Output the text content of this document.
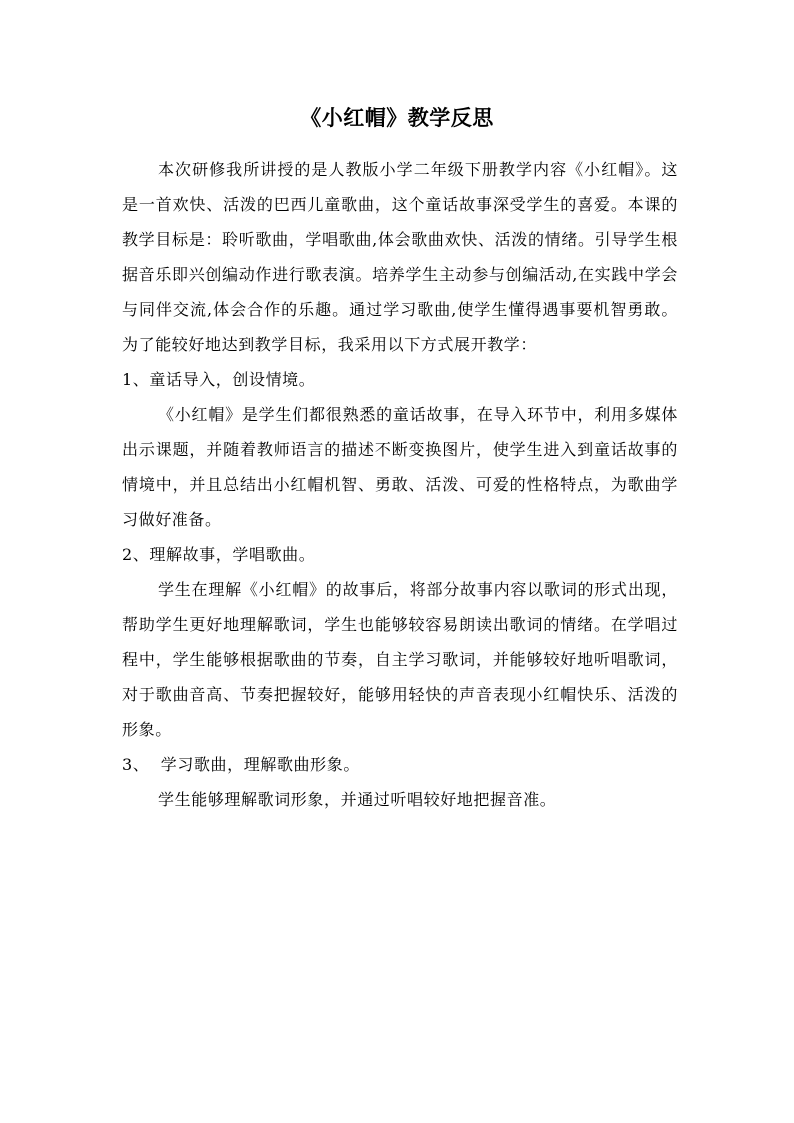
《小红帽》教学反思

本次研修我所讲授的是人教版小学二年级下册教学内容《小红帽》。这是一首欢快、活泼的巴西儿童歌曲，这个童话故事深受学生的喜爱。本课的教学目标是：聆听歌曲，学唱歌曲,体会歌曲欢快、活泼的情绪。引导学生根据音乐即兴创编动作进行歌表演。培养学生主动参与创编活动,在实践中学会与同伴交流,体会合作的乐趣。通过学习歌曲,使学生懂得遇事要机智勇敢。为了能较好地达到教学目标，我采用以下方式展开教学：

1、童话导入，创设情境。

《小红帽》是学生们都很熟悉的童话故事，在导入环节中，利用多媒体出示课题，并随着教师语言的描述不断变换图片，使学生进入到童话故事的情境中，并且总结出小红帽机智、勇敢、活泼、可爱的性格特点，为歌曲学习做好准备。

2、理解故事，学唱歌曲。

学生在理解《小红帽》的故事后，将部分故事内容以歌词的形式出现，帮助学生更好地理解歌词，学生也能够较容易朗读出歌词的情绪。在学唱过程中，学生能够根据歌曲的节奏，自主学习歌词，并能够较好地听唱歌词，对于歌曲音高、节奏把握较好，能够用轻快的声音表现小红帽快乐、活泼的形象。

3、  学习歌曲，理解歌曲形象。

学生能够理解歌词形象，并通过听唱较好地把握音准。
